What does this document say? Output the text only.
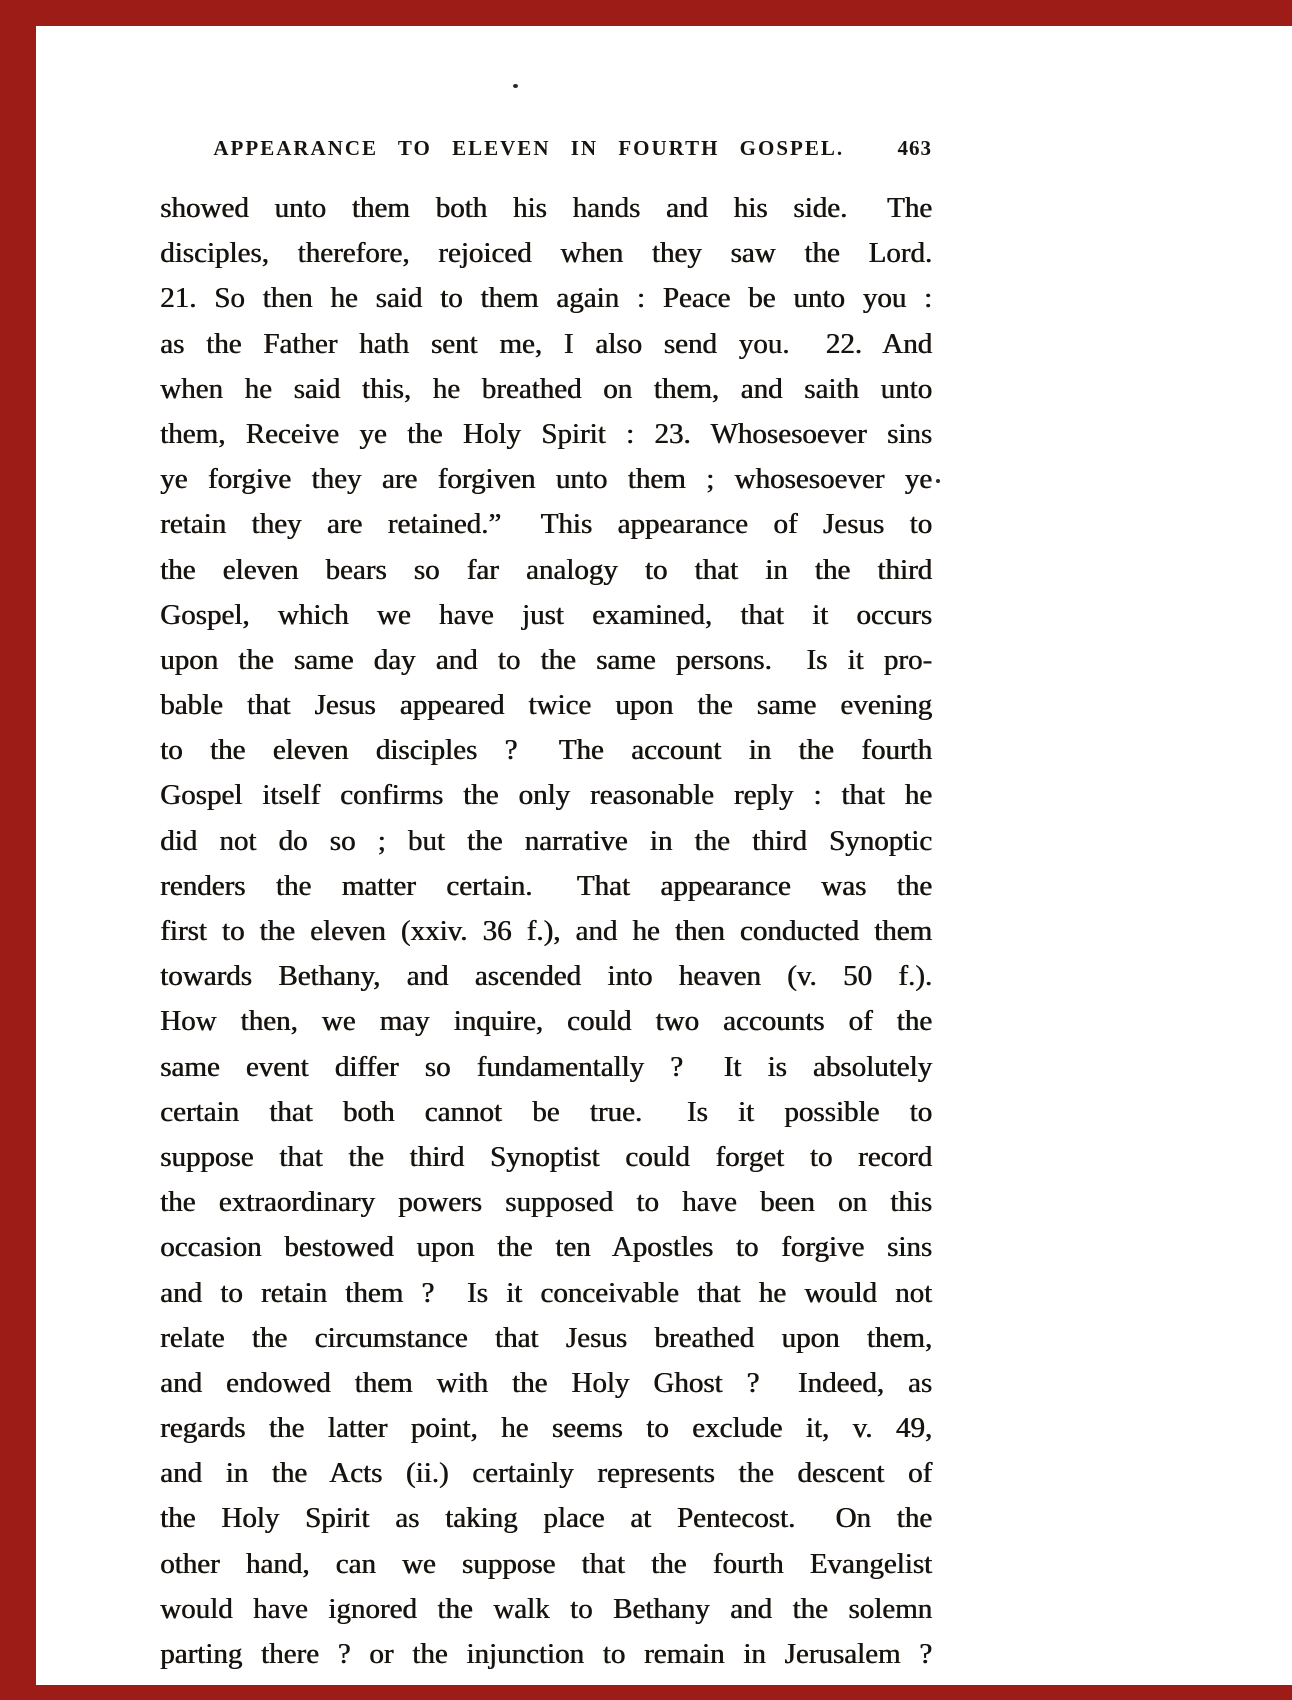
APPEARANCE TO ELEVEN IN FOURTH GOSPEL.	463
showed unto them both his hands and his side.  The
disciples, therefore, rejoiced when they saw the Lord.
21. So then he said to them again : Peace be unto you :
as the Father hath sent me, I also send you.  22. And
when he said this, he breathed on them, and saith unto
them, Receive ye the Holy Spirit : 23. Whosesoever sins
ye forgive they are forgiven unto them ; whosesoever ye
retain they are retained.”  This appearance of Jesus to
the eleven bears so far analogy to that in the third
Gospel, which we have just examined, that it occurs
upon the same day and to the same persons.  Is it pro-
bable that Jesus appeared twice upon the same evening
to the eleven disciples ?  The account in the fourth
Gospel itself confirms the only reasonable reply : that he
did not do so ; but the narrative in the third Synoptic
renders the matter certain.  That appearance was the
first to the eleven (xxiv. 36 f.), and he then conducted them
towards Bethany, and ascended into heaven (v. 50 f.).
How then, we may inquire, could two accounts of the
same event differ so fundamentally ?  It is absolutely
certain that both cannot be true.  Is it possible to
suppose that the third Synoptist could forget to record
the extraordinary powers supposed to have been on this
occasion bestowed upon the ten Apostles to forgive sins
and to retain them ?  Is it conceivable that he would not
relate the circumstance that Jesus breathed upon them,
and endowed them with the Holy Ghost ?  Indeed, as
regards the latter point, he seems to exclude it, v. 49,
and in the Acts (ii.) certainly represents the descent of
the Holy Spirit as taking place at Pentecost.  On the
other hand, can we suppose that the fourth Evangelist
would have ignored the walk to Bethany and the solemn
parting there ? or the injunction to remain in Jerusalem ?
